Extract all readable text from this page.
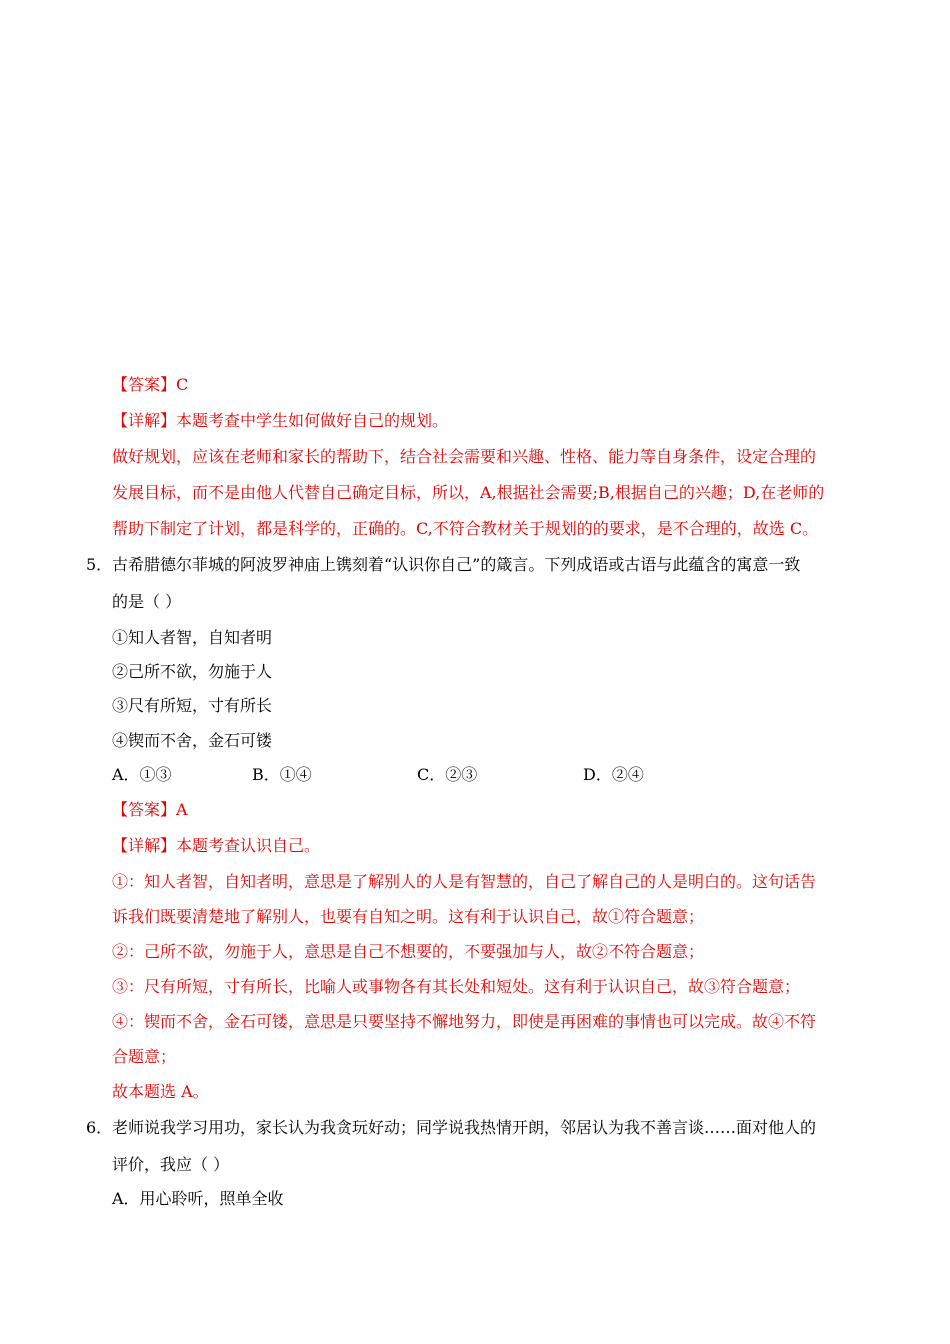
【答案】C
【详解】本题考查中学生如何做好自己的规划。
做好规划，应该在老师和家长的帮助下，结合社会需要和兴趣、性格、能力等自身条件，设定合理的
发展目标，而不是由他人代替自己确定目标，所以，A,根据社会需要;B,根据自己的兴趣；D,在老师的
帮助下制定了计划，都是科学的，正确的。C,不符合教材关于规划的的要求，是不合理的，故选 C。
5． 古希腊德尔菲城的阿波罗神庙上镌刻着“认识你自己”的箴言。下列成语或古语与此蕴含的寓意一致
的是（ ）
①知人者智，自知者明
②己所不欲，勿施于人
③尺有所短，寸有所长
④锲而不舍，金石可镂
A．①③	B．①④	C．②③	D．②④
【答案】A
【详解】本题考查认识自己。
①：知人者智，自知者明，意思是了解别人的人是有智慧的，自己了解自己的人是明白的。这句话告
诉我们既要清楚地了解别人，也要有自知之明。这有利于认识自己，故①符合题意；
②：己所不欲，勿施于人，意思是自己不想要的，不要强加与人，故②不符合题意；
③：尺有所短，寸有所长，比喻人或事物各有其长处和短处。这有利于认识自己，故③符合题意；
④：锲而不舍，金石可镂，意思是只要坚持不懈地努力，即使是再困难的事情也可以完成。故④不符
合题意；
故本题选 A。
6． 老师说我学习用功，家长认为我贪玩好动；同学说我热情开朗，邻居认为我不善言谈……面对他人的
评价，我应（ ）
A．用心聆听，照单全收
